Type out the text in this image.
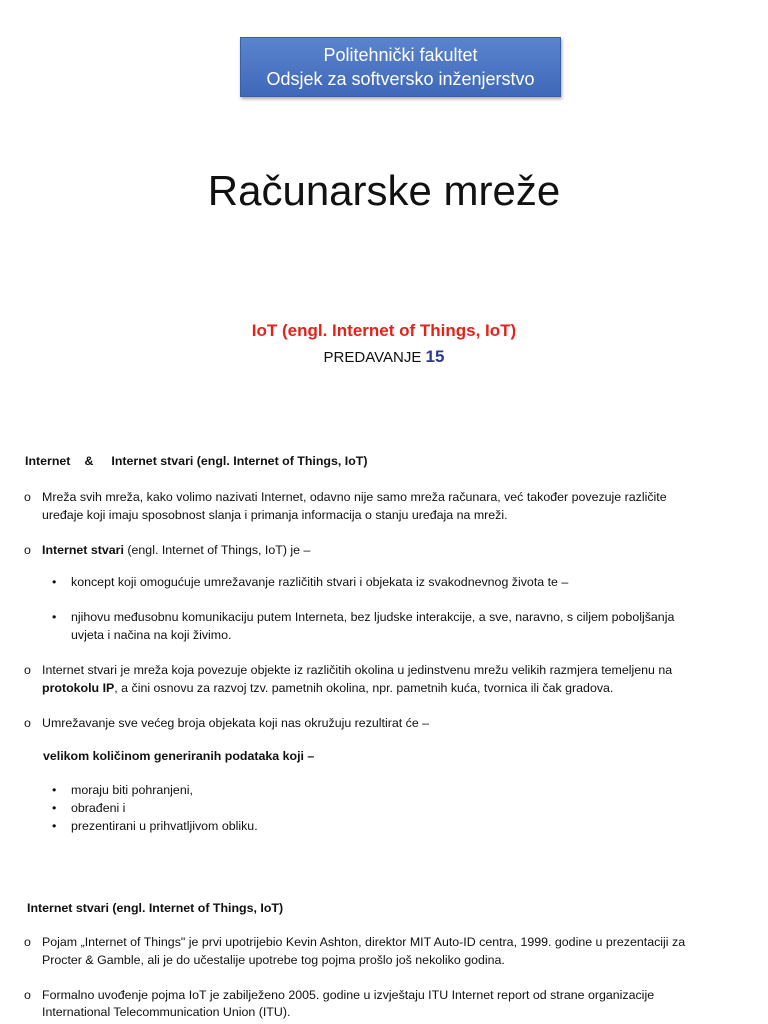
Politehnički fakultet
Odsjek za softversko inženjerstvo
Računarske mreže
IoT (engl. Internet of Things, IoT)
PREDAVANJE 15
Internet & Internet stvari (engl. Internet of Things, IoT)
o Mreža svih mreža, kako volimo nazivati Internet, odavno nije samo mreža računara, već također povezuje različite
uređaje koji imaju sposobnost slanja i primanja informacija o stanju uređaja na mreži.
o Internet stvari (engl. Internet of Things, IoT) je –
• koncept koji omogućuje umrežavanje različitih stvari i objekata iz svakodnevnog života te –
• njihovu međusobnu komunikaciju putem Interneta, bez ljudske interakcije, a sve, naravno, s ciljem poboljšanja
uvjeta i načina na koji živimo.
o Internet stvari je mreža koja povezuje objekte iz različitih okolina u jedinstvenu mrežu velikih razmjera temeljenu na
protokolu IP, a čini osnovu za razvoj tzv. pametnih okolina, npr. pametnih kuća, tvornica ili čak gradova.
o Umrežavanje sve većeg broja objekata koji nas okružuju rezultirat će –
velikom količinom generiranih podataka koji –
• moraju biti pohranjeni,
• obrađeni i
• prezentirani u prihvatljivom obliku.
Internet stvari (engl. Internet of Things, IoT)
o Pojam „Internet of Things" je prvi upotrijebio Kevin Ashton, direktor MIT Auto-ID centra, 1999. godine u prezentaciji za
Procter & Gamble, ali je do učestalije upotrebe tog pojma prošlo još nekoliko godina.
o Formalno uvođenje pojma IoT je zabilježeno 2005. godine u izvještaju ITU Internet report od strane organizacije
International Telecommunication Union (ITU).
